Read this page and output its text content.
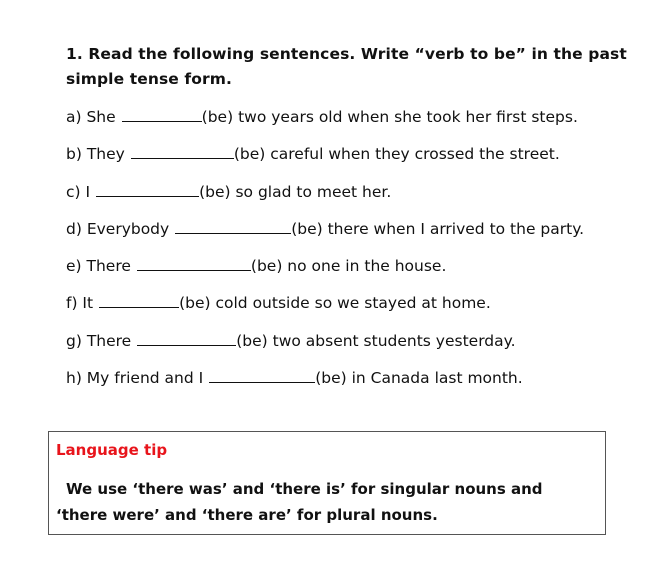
1. Read the following sentences. Write “verb to be” in the past
simple tense form.
a) She	(be) two years old when she took her first steps.
b) They	(be) careful when they crossed the street.
c) I	(be) so glad to meet her.
d) Everybody	(be) there when I arrived to the party.
e) There	(be) no one in the house.
f) It	(be) cold outside so we stayed at home.
g) There	(be) two absent students yesterday.
h) My friend and I	(be) in Canada last month.

Language tip

We use ‘there was’ and ‘there is’ for singular nouns and
‘there were’ and ‘there are’ for plural nouns.
